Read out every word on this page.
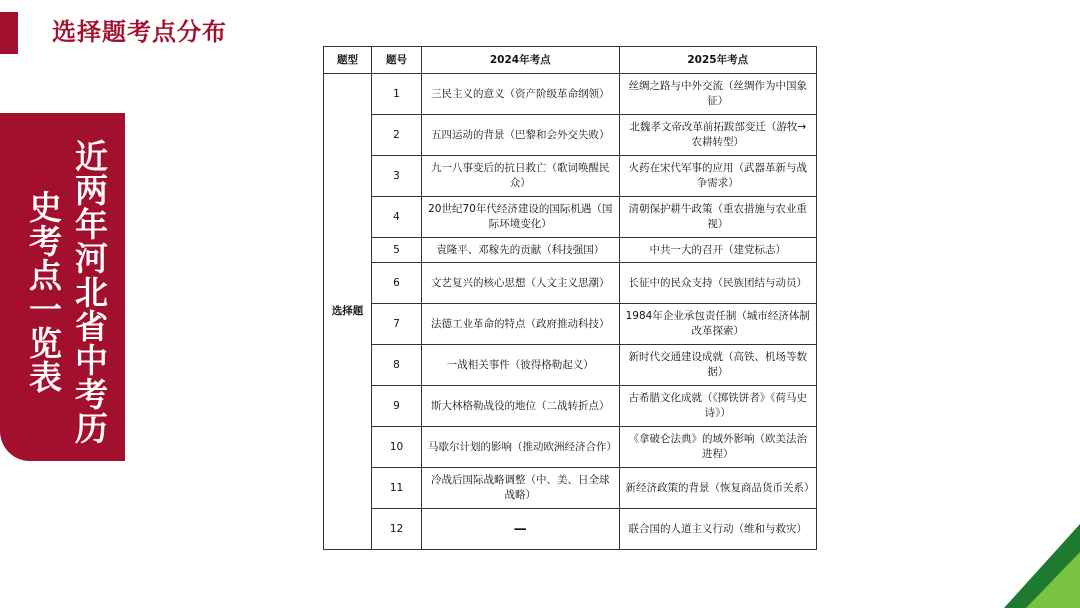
选择题考点分布
近两年河北省中考历
史考点一览表
题型	题号	2024年考点	2025年考点
选择题	1	三民主义的意义（资产阶级革命纲领）	丝绸之路与中外交流（丝绸作为中国象征）
	2	五四运动的背景（巴黎和会外交失败）	北魏孝文帝改革前拓跋部变迁（游牧→农耕转型）
	3	九一八事变后的抗日救亡（歌词唤醒民众）	火药在宋代军事的应用（武器革新与战争需求）
	4	20世纪70年代经济建设的国际机遇（国际环境变化）	清朝保护耕牛政策（重农措施与农业重视）
	5	袁隆平、邓稼先的贡献（科技强国）	中共一大的召开（建党标志）
	6	文艺复兴的核心思想（人文主义思潮）	长征中的民众支持（民族团结与动员）
	7	法德工业革命的特点（政府推动科技）	1984年企业承包责任制（城市经济体制改革探索）
	8	一战相关事件（彼得格勒起义）	新时代交通建设成就（高铁、机场等数据）
	9	斯大林格勒战役的地位（二战转折点）	古希腊文化成就（《掷铁饼者》《荷马史诗》）
	10	马歇尔计划的影响（推动欧洲经济合作）	《拿破仑法典》的域外影响（欧美法治进程）
	11	冷战后国际战略调整（中、美、日全球战略）	新经济政策的背景（恢复商品货币关系）
	12	—	联合国的人道主义行动（维和与救灾）
